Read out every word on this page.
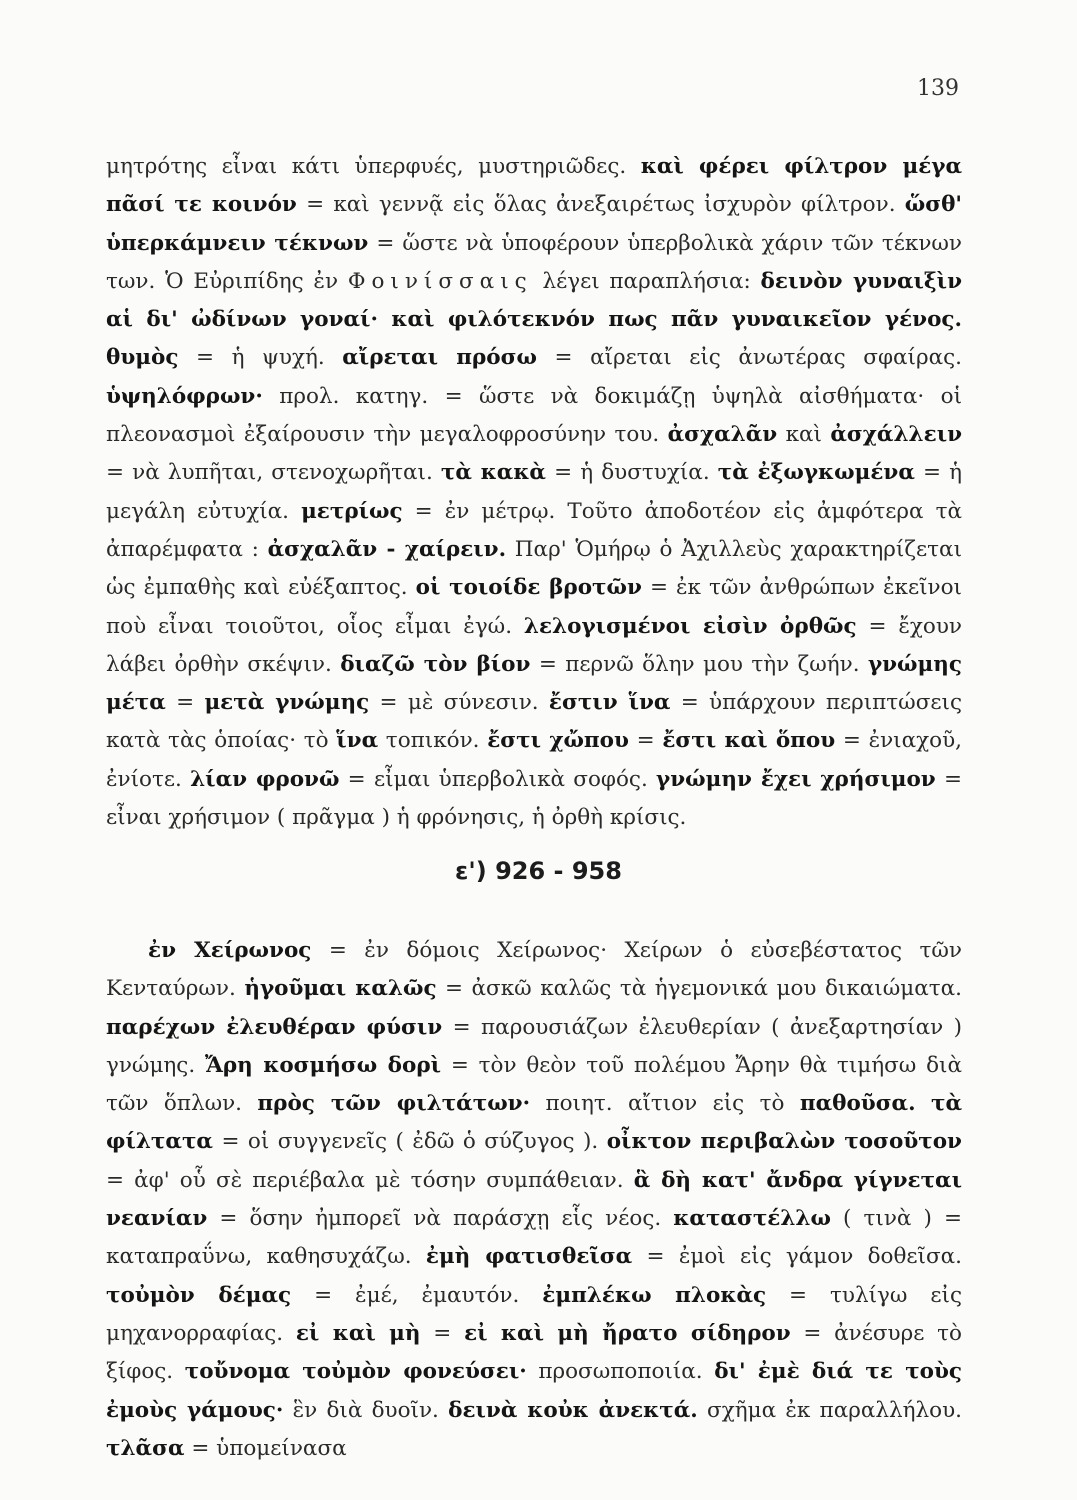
139
μητρότης εἶναι κάτι ὑπερφυές, μυστηριῶδες. καὶ φέρει φίλτρον μέγα πᾶσί τε κοινόν = καὶ γεννᾷ εἰς ὅλας ἀνεξαιρέτως ἰσχυρὸν φίλτρον. ὥσθ' ὑπερκάμνειν τέκνων = ὥστε νὰ ὑποφέρουν ὑπερβολικὰ χάριν τῶν τέκνων των. Ὁ Εὐριπίδης ἐν Φοινίσσαις λέγει παραπλήσια: δεινὸν γυναιξὶν αἱ δι' ὠδίνων γοναί· καὶ φιλότεκνόν πως πᾶν γυναικεῖον γένος. θυμὸς = ἡ ψυχή. αἴρεται πρόσω = αἴρεται εἰς ἀνωτέρας σφαίρας. ὑψηλόφρων· προλ. κατηγ. = ὥστε νὰ δοκιμάζῃ ὑψηλὰ αἰσθήματα· οἱ πλεονασμοὶ ἐξαίρουσιν τὴν μεγαλοφροσύνην του. ἀσχαλᾶν καὶ ἀσχάλλειν = νὰ λυπῆται, στενοχωρῆται. τὰ κακὰ = ἡ δυστυχία. τὰ ἐξωγκωμένα = ἡ μεγάλη εὐτυχία. μετρίως = ἐν μέτρῳ. Τοῦτο ἀποδοτέον εἰς ἀμφότερα τὰ ἀπαρέμφατα : ἀσχαλᾶν - χαίρειν. Παρ' Ὁμήρῳ ὁ Ἀχιλλεὺς χαρακτηρίζεται ὡς ἐμπαθὴς καὶ εὐέξαπτος. οἱ τοιοίδε βροτῶν = ἐκ τῶν ἀνθρώπων ἐκεῖνοι ποὺ εἶναι τοιοῦτοι, οἷος εἶμαι ἐγώ. λελογισμένοι εἰσὶν ὀρθῶς = ἔχουν λάβει ὀρθὴν σκέψιν. διαζῶ τὸν βίον = περνῶ ὅλην μου τὴν ζωήν. γνώμης μέτα = μετὰ γνώμης = μὲ σύνεσιν. ἔστιν ἵνα = ὑπάρχουν περιπτώσεις κατὰ τὰς ὁποίας· τὸ ἵνα τοπικόν. ἔστι χὤπου = ἔστι καὶ ὅπου = ἐνιαχοῦ, ἐνίοτε. λίαν φρονῶ = εἶμαι ὑπερβολικὰ σοφός. γνώμην ἔχει χρήσιμον = εἶναι χρήσιμον ( πρᾶγμα ) ἡ φρόνησις, ἡ ὀρθὴ κρίσις.
ε') 926 - 958
ἐν Χείρωνος = ἐν δόμοις Χείρωνος· Χείρων ὁ εὐσεβέστατος τῶν Κενταύρων. ἡγοῦμαι καλῶς = ἀσκῶ καλῶς τὰ ἡγεμονικά μου δικαιώματα. παρέχων ἐλευθέραν φύσιν = παρουσιάζων ἐλευθερίαν ( ἀνεξαρτησίαν ) γνώμης. Ἄρη κοσμήσω δορὶ = τὸν θεὸν τοῦ πολέμου Ἄρην θὰ τιμήσω διὰ τῶν ὅπλων. πρὸς τῶν φιλτάτων· ποιητ. αἴτιον εἰς τὸ παθοῦσα. τὰ φίλτατα = οἱ συγγενεῖς ( ἐδῶ ὁ σύζυγος ). οἶκτον περιβαλὼν τοσοῦτον = ἀφ' οὗ σὲ περιέβαλα μὲ τόσην συμπάθειαν. ἃ δὴ κατ' ἄνδρα γίγνεται νεανίαν = ὅσην ἠμπορεῖ νὰ παράσχῃ εἷς νέος. καταστέλλω ( τινὰ ) = καταπραΰνω, καθησυχάζω. ἐμὴ φατισθεῖσα = ἐμοὶ εἰς γάμον δοθεῖσα. τοὐμὸν δέμας = ἐμέ, ἐμαυτόν. ἐμπλέκω πλοκὰς = τυλίγω εἰς μηχανορραφίας. εἰ καὶ μὴ = εἰ καὶ μὴ ἤρατο σίδηρον = ἀνέσυρε τὸ ξίφος. τοὔνομα τοὐμὸν φονεύσει· προσωποποιία. δι' ἐμὲ διά τε τοὺς ἐμοὺς γάμους· ἓν διὰ δυοῖν. δεινὰ κοὐκ ἀνεκτά. σχῆμα ἐκ παραλλήλου. τλᾶσα = ὑπομείνασα
